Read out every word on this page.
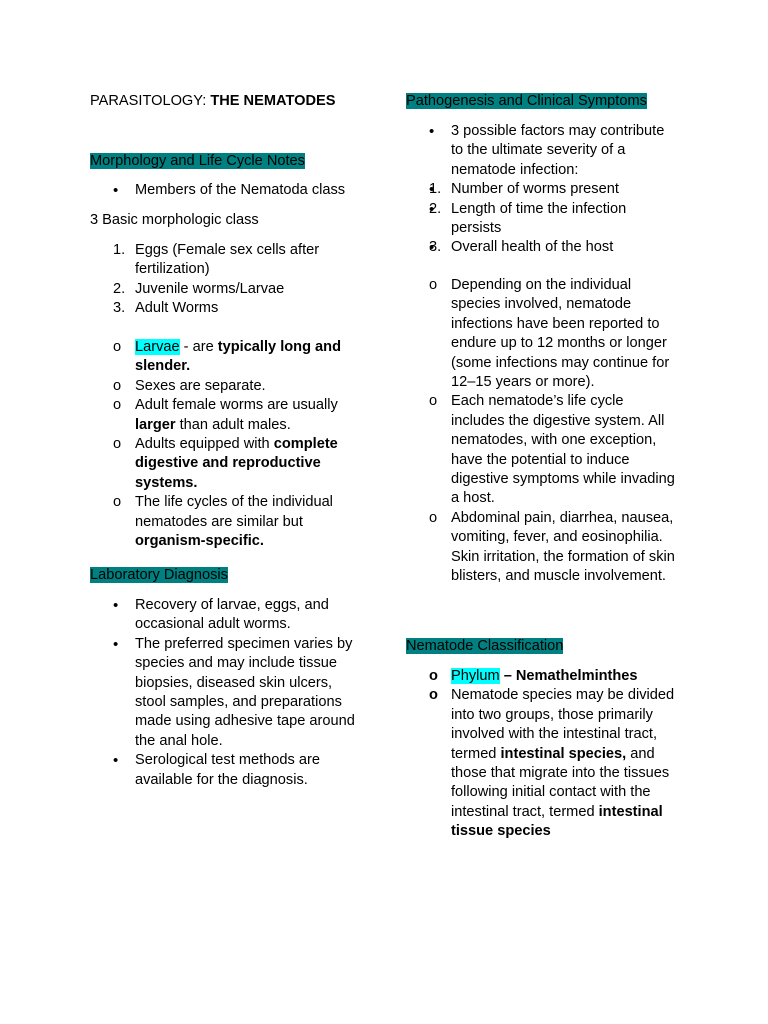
PARASITOLOGY: THE NEMATODES
Morphology and Life Cycle Notes
• Members of the Nematoda class
3 Basic morphologic class
1. Eggs (Female sex cells after fertilization)
2. Juvenile worms/Larvae
3. Adult Worms
o Larvae - are typically long and slender.
o Sexes are separate.
o Adult female worms are usually larger than adult males.
o Adults equipped with complete digestive and reproductive systems.
o The life cycles of the individual nematodes are similar but organism-specific.
Laboratory Diagnosis
• Recovery of larvae, eggs, and occasional adult worms.
• The preferred specimen varies by species and may include tissue biopsies, diseased skin ulcers, stool samples, and preparations made using adhesive tape around the anal hole.
• Serological test methods are available for the diagnosis.
Pathogenesis and Clinical Symptoms
• 3 possible factors may contribute to the ultimate severity of a nematode infection:
• 1. Number of worms present
• 2. Length of time the infection persists
• 3. Overall health of the host
o Depending on the individual species involved, nematode infections have been reported to endure up to 12 months or longer (some infections may continue for 12–15 years or more).
o Each nematode’s life cycle includes the digestive system. All nematodes, with one exception, have the potential to induce digestive symptoms while invading a host.
o Abdominal pain, diarrhea, nausea, vomiting, fever, and eosinophilia. Skin irritation, the formation of skin blisters, and muscle involvement.
Nematode Classification
o Phylum – Nemathelminthes
o Nematode species may be divided into two groups, those primarily involved with the intestinal tract, termed intestinal species, and those that migrate into the tissues following initial contact with the intestinal tract, termed intestinal tissue species
